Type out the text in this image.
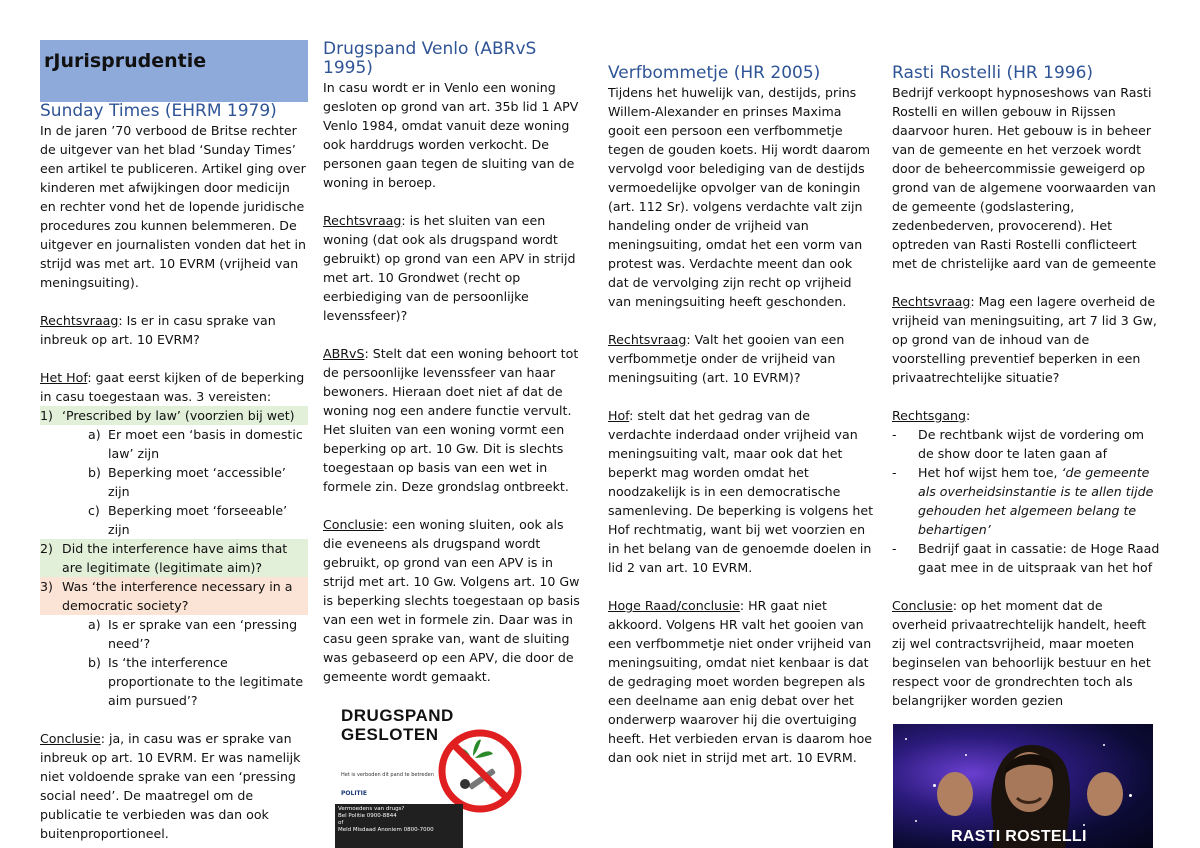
rJurisprudentie
Sunday Times (EHRM 1979)

In de jaren ’70 verbood de Britse rechter de uitgever van het blad ‘Sunday Times’ een artikel te publiceren. Artikel ging over kinderen met afwijkingen door medicijn en rechter vond het de lopende juridische procedures zou kunnen belemmeren. De uitgever en journalisten vonden dat het in strijd was met art. 10 EVRM (vrijheid van meningsuiting).

Rechtsvraag: Is er in casu sprake van inbreuk op art. 10 EVRM?

Het Hof: gaat eerst kijken of de beperking in casu toegestaan was. 3 vereisten:

1) ‘Prescribed by law’ (voorzien bij wet)
a) Er moet een ‘basis in domestic law’ zijn
b) Beperking moet ‘accessible’ zijn
c) Beperking moet ‘forseeable’ zijn
2) Did the interference have aims that are legitimate (legitimate aim)?
3) Was ‘the interference necessary in a democratic society?
a) Is er sprake van een ‘pressing need’?
b) Is ‘the interference proportionate to the legitimate aim pursued’?

Conclusie: ja, in casu was er sprake van inbreuk op art. 10 EVRM. Er was namelijk niet voldoende sprake van een ‘pressing social need’. De maatregel om de publicatie te verbieden was dan ook buitenproportioneel.

Drugspand Venlo (ABRvS 1995)

In casu wordt er in Venlo een woning gesloten op grond van art. 35b lid 1 APV Venlo 1984, omdat vanuit deze woning ook harddrugs worden verkocht. De personen gaan tegen de sluiting van de woning in beroep.

Rechtsvraag: is het sluiten van een woning (dat ook als drugspand wordt gebruikt) op grond van een APV in strijd met art. 10 Grondwet (recht op eerbiediging van de persoonlijke levenssfeer)?

ABRvS: Stelt dat een woning behoort tot de persoonlijke levenssfeer van haar bewoners. Hieraan doet niet af dat de woning nog een andere functie vervult. Het sluiten van een woning vormt een beperking op art. 10 Gw. Dit is slechts toegestaan op basis van een wet in formele zin. Deze grondslag ontbreekt.

Conclusie: een woning sluiten, ook als die eveneens als drugspand wordt gebruikt, op grond van een APV is in strijd met art. 10 Gw. Volgens art. 10 Gw is beperking slechts toegestaan op basis van een wet in formele zin. Daar was in casu geen sprake van, want de sluiting was gebaseerd op een APV, die door de gemeente wordt gemaakt.

DRUGSPAND GESLOTEN
Het is verboden dit pand te betreden
POLITIE
Vermoedens van drugs?
Bel Politie 0900-8844
of
Meld Misdaad Anoniem 0800-7000
Verfbommetje (HR 2005)

Tijdens het huwelijk van, destijds, prins Willem-Alexander en prinses Maxima gooit een persoon een verfbommetje tegen de gouden koets. Hij wordt daarom vervolgd voor belediging van de destijds vermoedelijke opvolger van de koningin (art. 112 Sr). volgens verdachte valt zijn handeling onder de vrijheid van meningsuiting, omdat het een vorm van protest was. Verdachte meent dan ook dat de vervolging zijn recht op vrijheid van meningsuiting heeft geschonden.

Rechtsvraag: Valt het gooien van een verfbommetje onder de vrijheid van meningsuiting (art. 10 EVRM)?

Hof: stelt dat het gedrag van de verdachte inderdaad onder vrijheid van meningsuiting valt, maar ook dat het beperkt mag worden omdat het noodzakelijk is in een democratische samenleving. De beperking is volgens het Hof rechtmatig, want bij wet voorzien en in het belang van de genoemde doelen in lid 2 van art. 10 EVRM.

Hoge Raad/conclusie: HR gaat niet akkoord. Volgens HR valt het gooien van een verfbommetje niet onder vrijheid van meningsuiting, omdat niet kenbaar is dat de gedraging moet worden begrepen als een deelname aan enig debat over het onderwerp waarover hij die overtuiging heeft. Het verbieden ervan is daarom hoe dan ook niet in strijd met art. 10 EVRM.

Rasti Rostelli (HR 1996)

Bedrijf verkoopt hypnoseshows van Rasti Rostelli en willen gebouw in Rijssen daarvoor huren. Het gebouw is in beheer van de gemeente en het verzoek wordt door de beheercommissie geweigerd op grond van de algemene voorwaarden van de gemeente (godslastering, zedenbederven, provocerend). Het optreden van Rasti Rostelli conflicteert met de christelijke aard van de gemeente

Rechtsvraag: Mag een lagere overheid de vrijheid van meningsuiting, art 7 lid 3 Gw, op grond van de inhoud van de voorstelling preventief beperken in een privaatrechtelijke situatie?

Rechtsgang:

- De rechtbank wijst de vordering om de show door te laten gaan af
- Het hof wijst hem toe, ‘de gemeente als overheidsinstantie is te allen tijde gehouden het algemeen belang te behartigen’
- Bedrijf gaat in cassatie: de Hoge Raad gaat mee in de uitspraak van het hof

Conclusie: op het moment dat de overheid privaatrechtelijk handelt, heeft zij wel contractsvrijheid, maar moeten beginselen van behoorlijk bestuur en het respect voor de grondrechten toch als belangrijker worden gezien

RASTI ROSTELLI
